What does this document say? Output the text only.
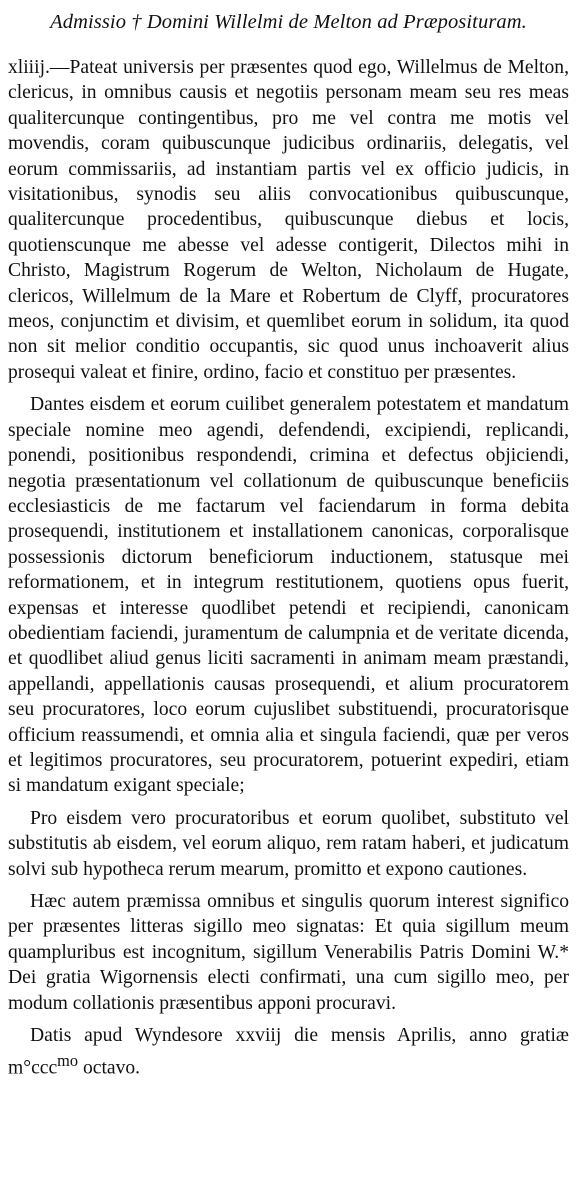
Admissio † Domini Willelmi de Melton ad Præposituram.

xliiij.—Pateat universis per præsentes quod ego, Willelmus de Melton, clericus, in omnibus causis et negotiis personam meam seu res meas qualitercunque contingentibus, pro me vel contra me motis vel movendis, coram quibuscunque judicibus ordinariis, delegatis, vel eorum commissariis, ad instantiam partis vel ex officio judicis, in visitationibus, synodis seu aliis convocationibus quibuscunque, qualitercunque procedentibus, quibuscunque diebus et locis, quotienscunque me abesse vel adesse contigerit, Dilectos mihi in Christo, Magistrum Rogerum de Welton, Nicholaum de Hugate, clericos, Willelmum de la Mare et Robertum de Clyff, procuratores meos, conjunctim et divisim, et quemlibet eorum in solidum, ita quod non sit melior conditio occupantis, sic quod unus inchoaverit alius prosequi valeat et finire, ordino, facio et constituo per præsentes.

Dantes eisdem et eorum cuilibet generalem potestatem et mandatum speciale nomine meo agendi, defendendi, excipiendi, replicandi, ponendi, positionibus respondendi, crimina et defectus objiciendi, negotia præsentationum vel collationum de quibuscunque beneficiis ecclesiasticis de me factarum vel faciendarum in forma debita prosequendi, institutionem et installationem canonicas, corporalisque possessionis dictorum beneficiorum inductionem, statusque mei reformationem, et in integrum restitutionem, quotiens opus fuerit, expensas et interesse quodlibet petendi et recipiendi, canonicam obedientiam faciendi, juramentum de calumpnia et de veritate dicenda, et quodlibet aliud genus liciti sacramenti in animam meam præstandi, appellandi, appellationis causas prosequendi, et alium procuratorem seu procuratores, loco eorum cujuslibet substituendi, procuratorisque officium reassumendi, et omnia alia et singula faciendi, quæ per veros et legitimos procuratores, seu procuratorem, potuerint expediri, etiam si mandatum exigant speciale;

Pro eisdem vero procuratoribus et eorum quolibet, substituto vel substitutis ab eisdem, vel eorum aliquo, rem ratam haberi, et judicatum solvi sub hypotheca rerum mearum, promitto et expono cautiones.

Hæc autem præmissa omnibus et singulis quorum interest significo per præsentes litteras sigillo meo signatas: Et quia sigillum meum quampluribus est incognitum, sigillum Venerabilis Patris Domini W.* Dei gratia Wigornensis electi confirmati, una cum sigillo meo, per modum collationis præsentibus apponi procuravi.

Datis apud Wyndesore xxviij die mensis Aprilis, anno gratiæ m°ccc$^{mo}$ octavo.
